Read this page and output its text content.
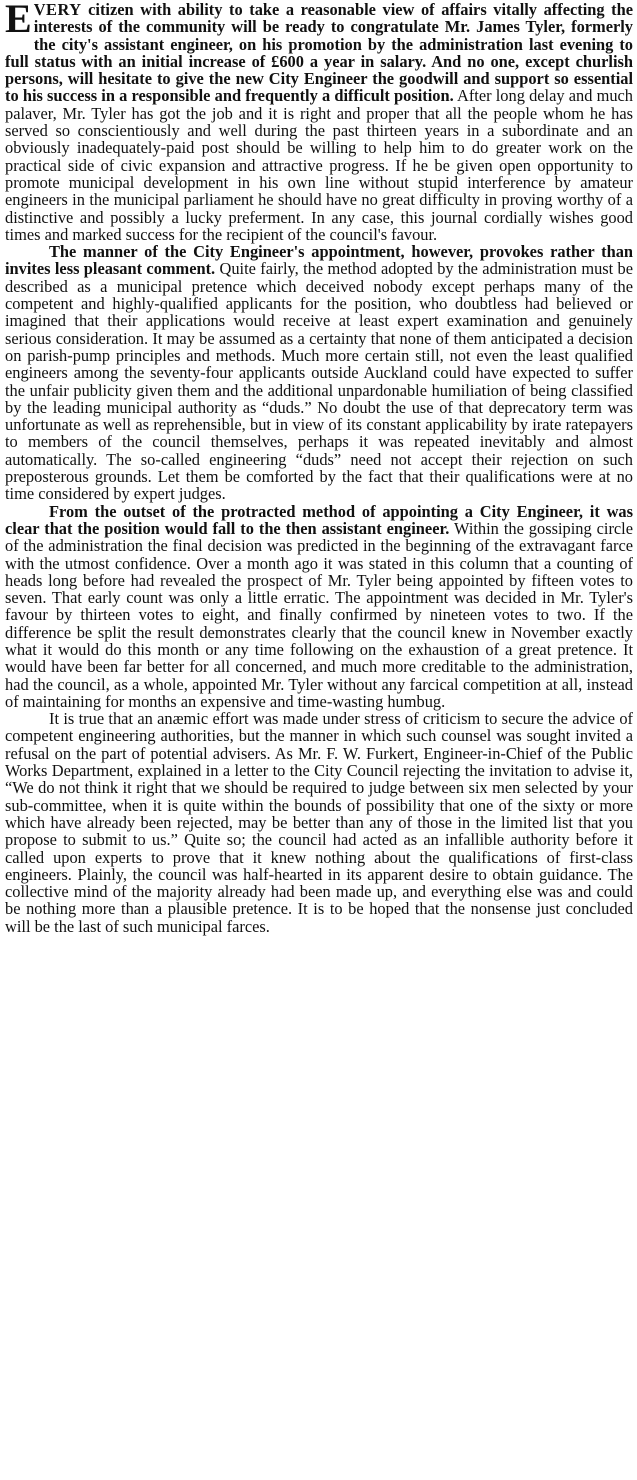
EVERY citizen with ability to take a reasonable view of affairs vitally affecting the interests of the community will be ready to congratulate Mr. James Tyler, formerly the city's assistant engineer, on his promotion by the administration last evening to full status with an initial increase of £600 a year in salary. And no one, except churlish persons, will hesitate to give the new City Engineer the goodwill and support so essential to his success in a responsible and frequently a difficult position. After long delay and much palaver, Mr. Tyler has got the job and it is right and proper that all the people whom he has served so conscientiously and well during the past thirteen years in a subordinate and an obviously inadequately-paid post should be willing to help him to do greater work on the practical side of civic expansion and attractive progress. If he be given open opportunity to promote municipal development in his own line without stupid interference by amateur engineers in the municipal parliament he should have no great difficulty in proving worthy of a distinctive and possibly a lucky preferment. In any case, this journal cordially wishes good times and marked success for the recipient of the council's favour.

The manner of the City Engineer's appointment, however, provokes rather than invites less pleasant comment. Quite fairly, the method adopted by the administration must be described as a municipal pretence which deceived nobody except perhaps many of the competent and highly-qualified applicants for the position, who doubtless had believed or imagined that their applications would receive at least expert examination and genuinely serious consideration. It may be assumed as a certainty that none of them anticipated a decision on parish-pump principles and methods. Much more certain still, not even the least qualified engineers among the seventy-four applicants outside Auckland could have expected to suffer the unfair publicity given them and the additional unpardonable humiliation of being classified by the leading municipal authority as “duds.” No doubt the use of that deprecatory term was unfortunate as well as reprehensible, but in view of its constant applicability by irate ratepayers to members of the council themselves, perhaps it was repeated inevitably and almost automatically. The so-called engineering “duds” need not accept their rejection on such preposterous grounds. Let them be comforted by the fact that their qualifications were at no time considered by expert judges.

From the outset of the protracted method of appointing a City Engineer, it was clear that the position would fall to the then assistant engineer. Within the gossiping circle of the administration the final decision was predicted in the beginning of the extravagant farce with the utmost confidence. Over a month ago it was stated in this column that a counting of heads long before had revealed the prospect of Mr. Tyler being appointed by fifteen votes to seven. That early count was only a little erratic. The appointment was decided in Mr. Tyler's favour by thirteen votes to eight, and finally confirmed by nineteen votes to two. If the difference be split the result demonstrates clearly that the council knew in November exactly what it would do this month or any time following on the exhaustion of a great pretence. It would have been far better for all concerned, and much more creditable to the administration, had the council, as a whole, appointed Mr. Tyler without any farcical competition at all, instead of maintaining for months an expensive and time-wasting humbug.

It is true that an anæmic effort was made under stress of criticism to secure the advice of competent engineering authorities, but the manner in which such counsel was sought invited a refusal on the part of potential advisers. As Mr. F. W. Furkert, Engineer-in-Chief of the Public Works Department, explained in a letter to the City Council rejecting the invitation to advise it, “We do not think it right that we should be required to judge between six men selected by your sub-committee, when it is quite within the bounds of possibility that one of the sixty or more which have already been rejected, may be better than any of those in the limited list that you propose to submit to us.” Quite so; the council had acted as an infallible authority before it called upon experts to prove that it knew nothing about the qualifications of first-class engineers. Plainly, the council was half-hearted in its apparent desire to obtain guidance. The collective mind of the majority already had been made up, and everything else was and could be nothing more than a plausible pretence. It is to be hoped that the nonsense just concluded will be the last of such municipal farces.
